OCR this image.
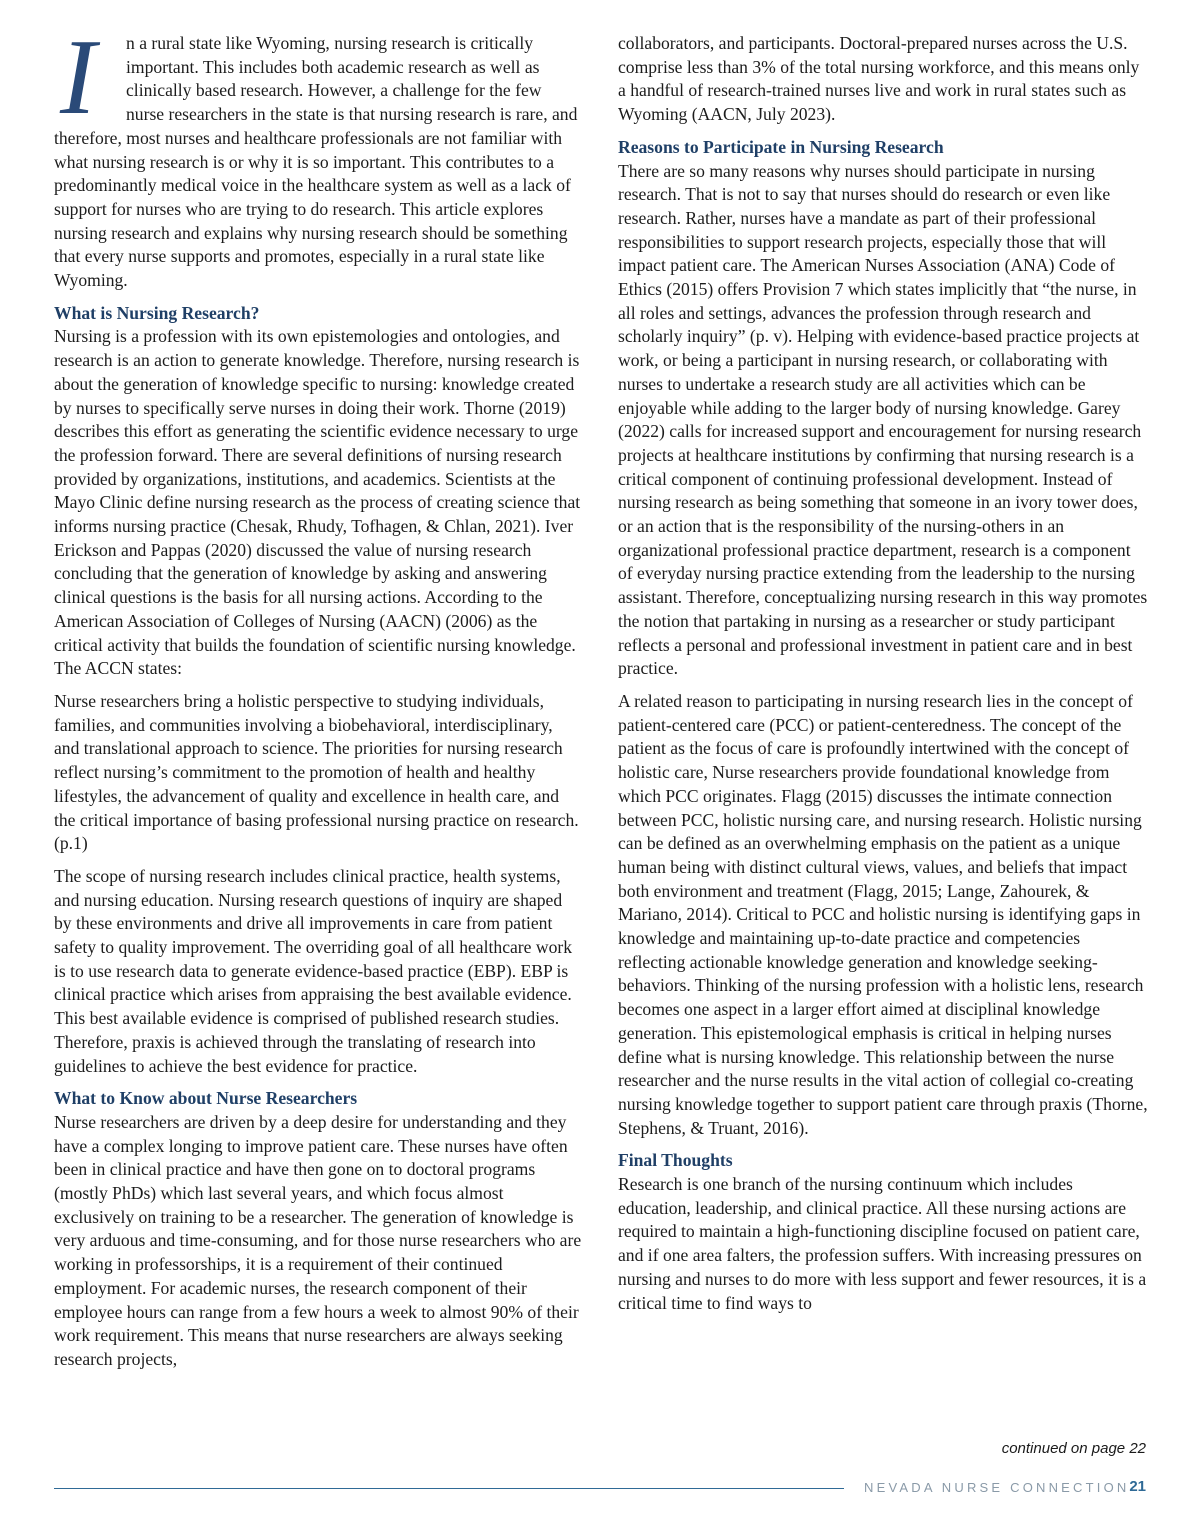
I	n a rural state like Wyoming, nursing research is critically important. This includes both academic research as well as clinically based research. However, a challenge for the few nurse researchers in the state is that nursing research is rare, and therefore, most nurses and healthcare professionals are not familiar with what nursing research is or why it is so important. This contributes to a predominantly medical voice in the healthcare system as well as a lack of support for nurses who are trying to do research. This article explores nursing research and explains why nursing research should be something that every nurse supports and promotes, especially in a rural state like Wyoming.

What is Nursing Research?

Nursing is a profession with its own epistemologies and ontologies, and research is an action to generate knowledge. Therefore, nursing research is about the generation of knowledge specific to nursing: knowledge created by nurses to specifically serve nurses in doing their work. Thorne (2019) describes this effort as generating the scientific evidence necessary to urge the profession forward. There are several definitions of nursing research provided by organizations, institutions, and academics. Scientists at the Mayo Clinic define nursing research as the process of creating science that informs nursing practice (Chesak, Rhudy, Tofhagen, & Chlan, 2021). Iver Erickson and Pappas (2020) discussed the value of nursing research concluding that the generation of knowledge by asking and answering clinical questions is the basis for all nursing actions. According to the American Association of Colleges of Nursing (AACN) (2006) as the critical activity that builds the foundation of scientific nursing knowledge. The ACCN states:

Nurse researchers bring a holistic perspective to studying individuals, families, and communities involving a biobehavioral, interdisciplinary, and translational approach to science. The priorities for nursing research reflect nursing’s commitment to the promotion of health and healthy lifestyles, the advancement of quality and excellence in health care, and the critical importance of basing professional nursing practice on research. (p.1)

The scope of nursing research includes clinical practice, health systems, and nursing education. Nursing research questions of inquiry are shaped by these environments and drive all improvements in care from patient safety to quality improvement. The overriding goal of all healthcare work is to use research data to generate evidence-based practice (EBP). EBP is clinical practice which arises from appraising the best available evidence. This best available evidence is comprised of published research studies. Therefore, praxis is achieved through the translating of research into guidelines to achieve the best evidence for practice.

What to Know about Nurse Researchers

Nurse researchers are driven by a deep desire for understanding and they have a complex longing to improve patient care. These nurses have often been in clinical practice and have then gone on to doctoral programs (mostly PhDs) which last several years, and which focus almost exclusively on training to be a researcher. The generation of knowledge is very arduous and time-consuming, and for those nurse researchers who are working in professorships, it is a requirement of their continued employment. For academic nurses, the research component of their employee hours can range from a few hours a week to almost 90% of their work requirement. This means that nurse researchers are always seeking research projects,

collaborators, and participants. Doctoral-prepared nurses across the U.S. comprise less than 3% of the total nursing workforce, and this means only a handful of research-trained nurses live and work in rural states such as Wyoming (AACN, July 2023).

Reasons to Participate in Nursing Research

There are so many reasons why nurses should participate in nursing research. That is not to say that nurses should do research or even like research. Rather, nurses have a mandate as part of their professional responsibilities to support research projects, especially those that will impact patient care. The American Nurses Association (ANA) Code of Ethics (2015) offers Provision 7 which states implicitly that “the nurse, in all roles and settings, advances the profession through research and scholarly inquiry” (p. v). Helping with evidence-based practice projects at work, or being a participant in nursing research, or collaborating with nurses to undertake a research study are all activities which can be enjoyable while adding to the larger body of nursing knowledge. Garey (2022) calls for increased support and encouragement for nursing research projects at healthcare institutions by confirming that nursing research is a critical component of continuing professional development. Instead of nursing research as being something that someone in an ivory tower does, or an action that is the responsibility of the nursing-others in an organizational professional practice department, research is a component of everyday nursing practice extending from the leadership to the nursing assistant. Therefore, conceptualizing nursing research in this way promotes the notion that partaking in nursing as a researcher or study participant reflects a personal and professional investment in patient care and in best practice.

A related reason to participating in nursing research lies in the concept of patient-centered care (PCC) or patient-centeredness. The concept of the patient as the focus of care is profoundly intertwined with the concept of holistic care, Nurse researchers provide foundational knowledge from which PCC originates. Flagg (2015) discusses the intimate connection between PCC, holistic nursing care, and nursing research. Holistic nursing can be defined as an overwhelming emphasis on the patient as a unique human being with distinct cultural views, values, and beliefs that impact both environment and treatment (Flagg, 2015; Lange, Zahourek, & Mariano, 2014). Critical to PCC and holistic nursing is identifying gaps in knowledge and maintaining up-to-date practice and competencies reflecting actionable knowledge generation and knowledge seeking-behaviors. Thinking of the nursing profession with a holistic lens, research becomes one aspect in a larger effort aimed at disciplinal knowledge generation. This epistemological emphasis is critical in helping nurses define what is nursing knowledge. This relationship between the nurse researcher and the nurse results in the vital action of collegial co-creating nursing knowledge together to support patient care through praxis (Thorne, Stephens, & Truant, 2016).

Final Thoughts

Research is one branch of the nursing continuum which includes education, leadership, and clinical practice. All these nursing actions are required to maintain a high-functioning discipline focused on patient care, and if one area falters, the profession suffers. With increasing pressures on nursing and nurses to do more with less support and fewer resources, it is a critical time to find ways to

continued on page 22
NEVADA NURSE CONNECTION 21
